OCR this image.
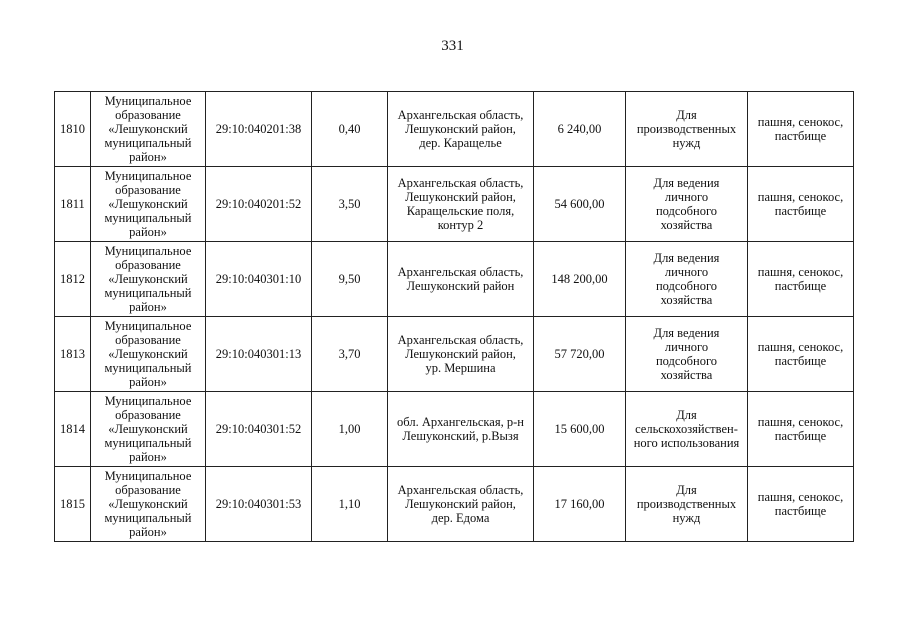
331
1810	Муниципальное
образование
«Лешуконский
муниципальный
район»	29:10:040201:38	0,40	Архангельская область,
Лешуконский район,
дер. Каращелье	6 240,00	Для
производственных
нужд	пашня, сенокос,
пастбище
1811	Муниципальное
образование
«Лешуконский
муниципальный
район»	29:10:040201:52	3,50	Архангельская область,
Лешуконский район,
Каращельские поля,
контур 2	54 600,00	Для ведения
личного
подсобного
хозяйства	пашня, сенокос,
пастбище
1812	Муниципальное
образование
«Лешуконский
муниципальный
район»	29:10:040301:10	9,50	Архангельская область,
Лешуконский район	148 200,00	Для ведения
личного
подсобного
хозяйства	пашня, сенокос,
пастбище
1813	Муниципальное
образование
«Лешуконский
муниципальный
район»	29:10:040301:13	3,70	Архангельская область,
Лешуконский район,
ур. Мершина	57 720,00	Для ведения
личного
подсобного
хозяйства	пашня, сенокос,
пастбище
1814	Муниципальное
образование
«Лешуконский
муниципальный
район»	29:10:040301:52	1,00	обл. Архангельская, р-н
Лешуконский, р.Вызя	15 600,00	Для
сельскохозяйствен-
ного использования	пашня, сенокос,
пастбище
1815	Муниципальное
образование
«Лешуконский
муниципальный
район»	29:10:040301:53	1,10	Архангельская область,
Лешуконский район,
дер. Едома	17 160,00	Для
производственных
нужд	пашня, сенокос,
пастбище
